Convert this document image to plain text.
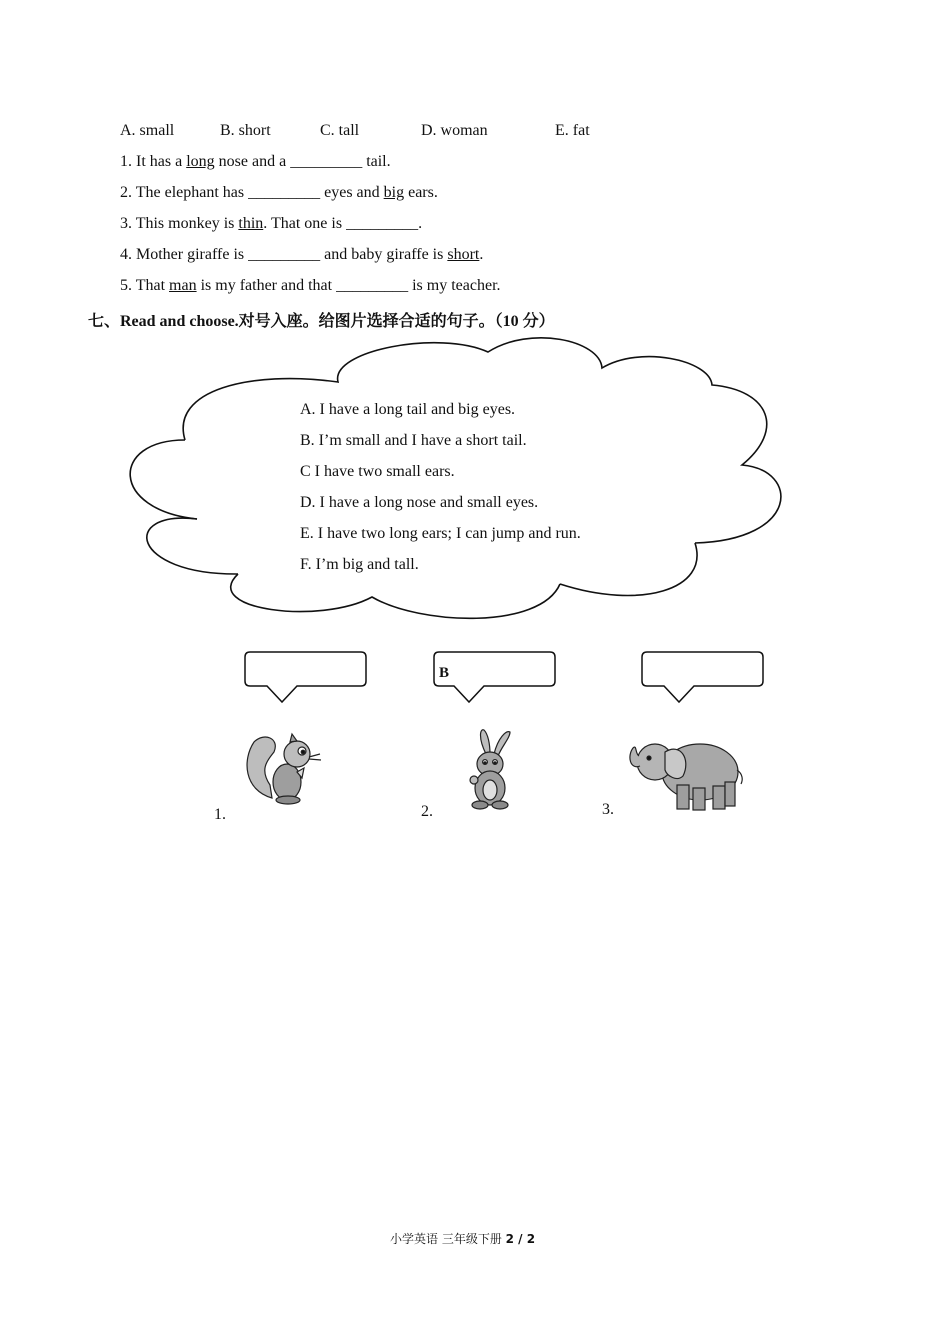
A. small	B. short	C. tall	D. woman	E. fat
1. It has a long nose and a _________ tail.
2. The elephant has _________ eyes and big ears.
3. This monkey is thin. That one is _________.
4. Mother giraffe is _________ and baby giraffe is short.
5. That man is my father and that _________ is my teacher.
七、Read and choose.对号入座。给图片选择合适的句子。（10 分）
A. I have a long tail and big eyes.
B. I’m small and I have a short tail.
C I have two small ears.
D. I have a long nose and small eyes.
E. I have two long ears; I can jump and run.
F. I’m big and tall.
B
1.	2.	3.
小学英语 三年级下册 2 / 2
